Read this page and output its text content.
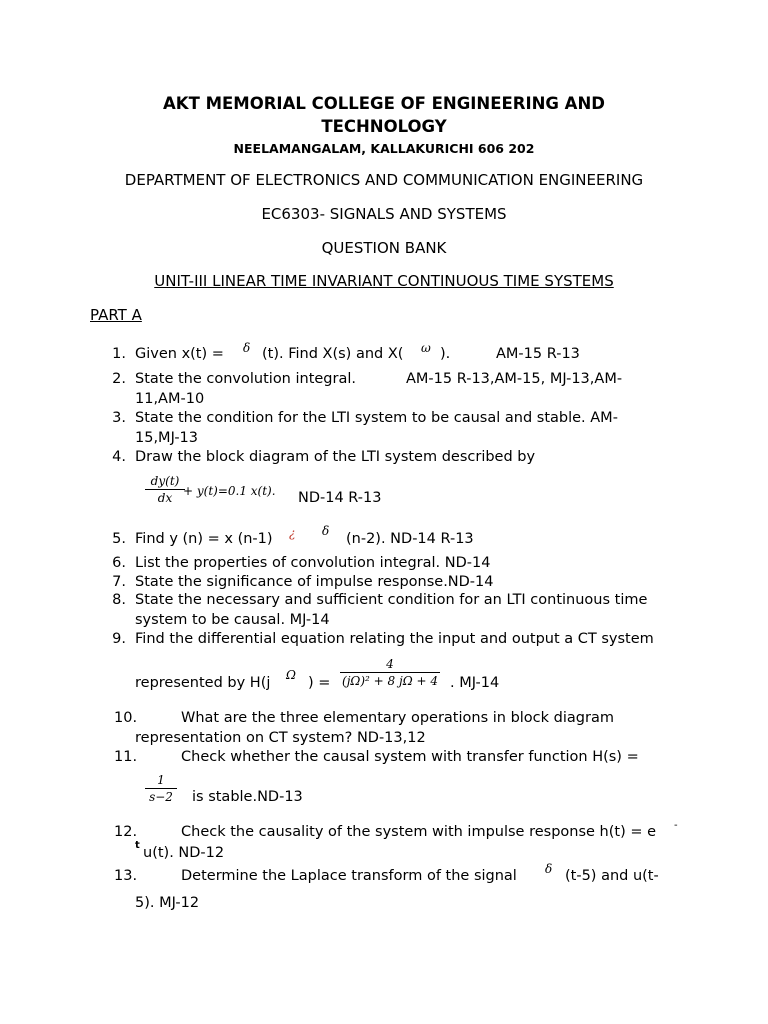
AKT MEMORIAL COLLEGE OF ENGINEERING AND
TECHNOLOGY
NEELAMANGALAM, KALLAKURICHI 606 202
DEPARTMENT OF ELECTRONICS AND COMMUNICATION ENGINEERING
EC6303- SIGNALS AND SYSTEMS
QUESTION BANK
UNIT-III LINEAR TIME INVARIANT CONTINUOUS TIME SYSTEMS
PART A
1. Given x(t) = δ (t). Find X(s) and X( ω ).	AM-15 R-13
2. State the convolution integral.	AM-15 R-13,AM-15, MJ-13,AM-
11,AM-10
3. State the condition for the LTI system to be causal and stable. AM-
15,MJ-13
4. Draw the block diagram of the LTI system described by
dy(t)
dx + y(t)=0.1 x(t). ND-14 R-13
5. Find y (n) = x (n-1) ¿ δ (n-2). ND-14 R-13
6. List the properties of convolution integral. ND-14
7. State the significance of impulse response.ND-14
8. State the necessary and sufficient condition for an LTI continuous time
system to be causal. MJ-14
9. Find the differential equation relating the input and output a CT system
represented by H(j Ω ) =
4
(jΩ)² + 8 jΩ + 4 . MJ-14
10.	What are the three elementary operations in block diagram
representation on CT system? ND-13,12
11.	Check whether the causal system with transfer function H(s) =
1
s−2 is stable.ND-13
12.	Check the causality of the system with impulse response h(t) = e -
t u(t). ND-12
13.	Determine the Laplace transform of the signal δ (t-5) and u(t-
5). MJ-12
